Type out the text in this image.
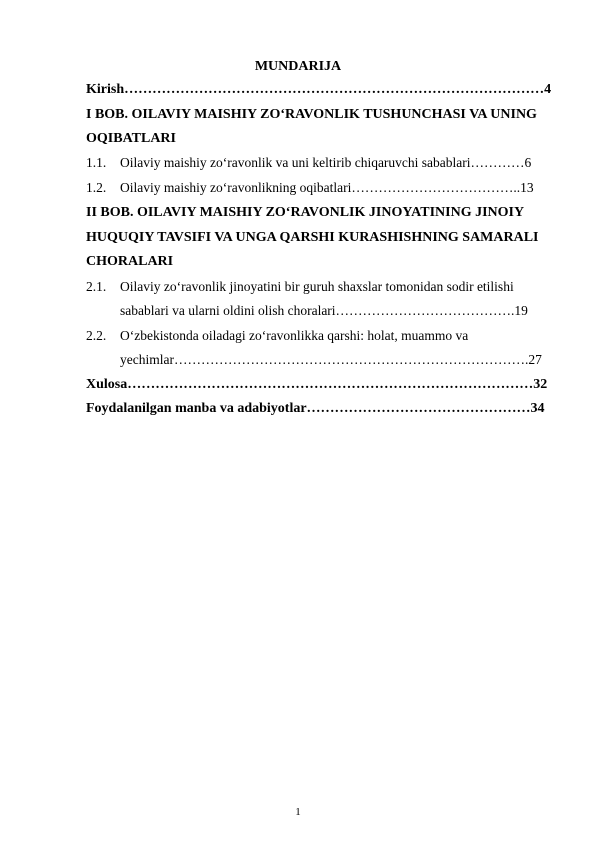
MUNDARIJA
Kirish………………………………………………………………………………4
I BOB. OILAVIY MAISHIY ZO‘RAVONLIK TUSHUNCHASI VA UNING
OQIBATLARI
1.1. Oilaviy maishiy zo‘ravonlik va uni keltirib chiqaruvchi sabablari…………6
1.2. Oilaviy maishiy zo‘ravonlikning oqibatlari………………………………..13
II BOB. OILAVIY MAISHIY ZO‘RAVONLIK JINOYATINING JINOIY
HUQUQIY TAVSIFI VA UNGA QARSHI KURASHISHNING SAMARALI
CHORALARI
2.1. Oilaviy zo‘ravonlik jinoyatini bir guruh shaxslar tomonidan sodir etilishi
sabablari va ularni oldini olish choralari………………………………….19
2.2. O‘zbekistonda oiladagi zo‘ravonlikka qarshi: holat, muammo va
yechimlar…………………………………………………………………….27
Xulosa……………………………………………………………………………32
Foydalanilgan manba va adabiyotlar…………………………………………34
1
